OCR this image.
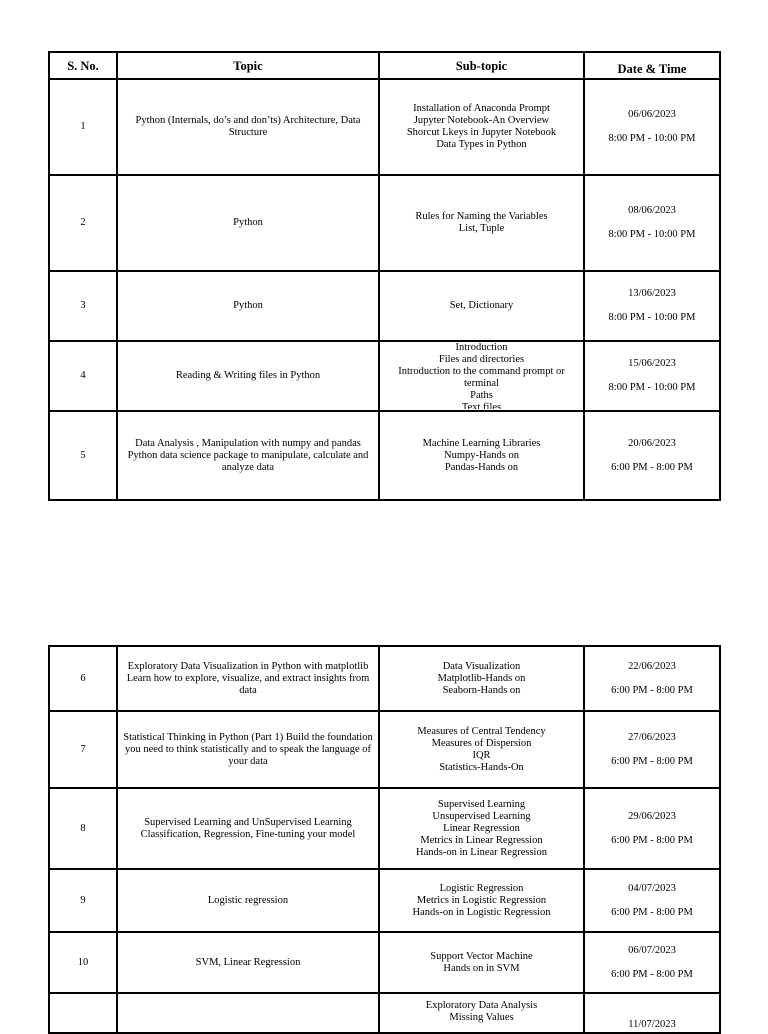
S. No.	Topic	Sub-topic	Date & Time
1	Python (Internals, do’s and don’ts) Architecture, Data Structure	Installation of Anaconda Prompt
Jupyter Notebook-An Overview
Shorcut Lkeys in Jupyter Notebook
Data Types in Python	06/06/2023
8:00 PM - 10:00 PM

2	Python	Rules for Naming the Variables
List, Tuple	08/06/2023
8:00 PM - 10:00 PM

3	Python	Set, Dictionary	13/06/2023
8:00 PM - 10:00 PM

4	Reading & Writing files in Python	Introduction
Files and directories
Introduction to the command prompt or terminal
Paths
Text files	15/06/2023
8:00 PM - 10:00 PM

5	Data Analysis , Manipulation with numpy and pandas Python data science package to manipulate, calculate and analyze data	Machine Learning Libraries
Numpy-Hands on
Pandas-Hands on	20/06/2023
6:00 PM - 8:00 PM
6	Exploratory Data Visualization in Python with matplotlib Learn how to explore, visualize, and extract insights from data	Data Visualization
Matplotlib-Hands on
Seaborn-Hands on	22/06/2023
6:00 PM - 8:00 PM

7	Statistical Thinking in Python (Part 1) Build the foundation you need to think statistically and to speak the language of your data	Measures of Central Tendency
Measures of Dispersion
IQR
Statistics-Hands-On	27/06/2023
6:00 PM - 8:00 PM

8	Supervised Learning and UnSupervised Learning Classification, Regression, Fine-tuning your model	Supervised Learning
Unsupervised Learning
Linear Regression
Metrics in Linear Regression
Hands-on in Linear Regression	29/06/2023
6:00 PM - 8:00 PM

9	Logistic regression	Logistic Regression
Metrics in Logistic Regression
Hands-on in Logistic Regression	04/07/2023
6:00 PM - 8:00 PM

10	SVM, Linear Regression	Support Vector Machine
Hands on in SVM	06/07/2023
6:00 PM - 8:00 PM

		Exploratory Data Analysis
Missing Values	11/07/2023
